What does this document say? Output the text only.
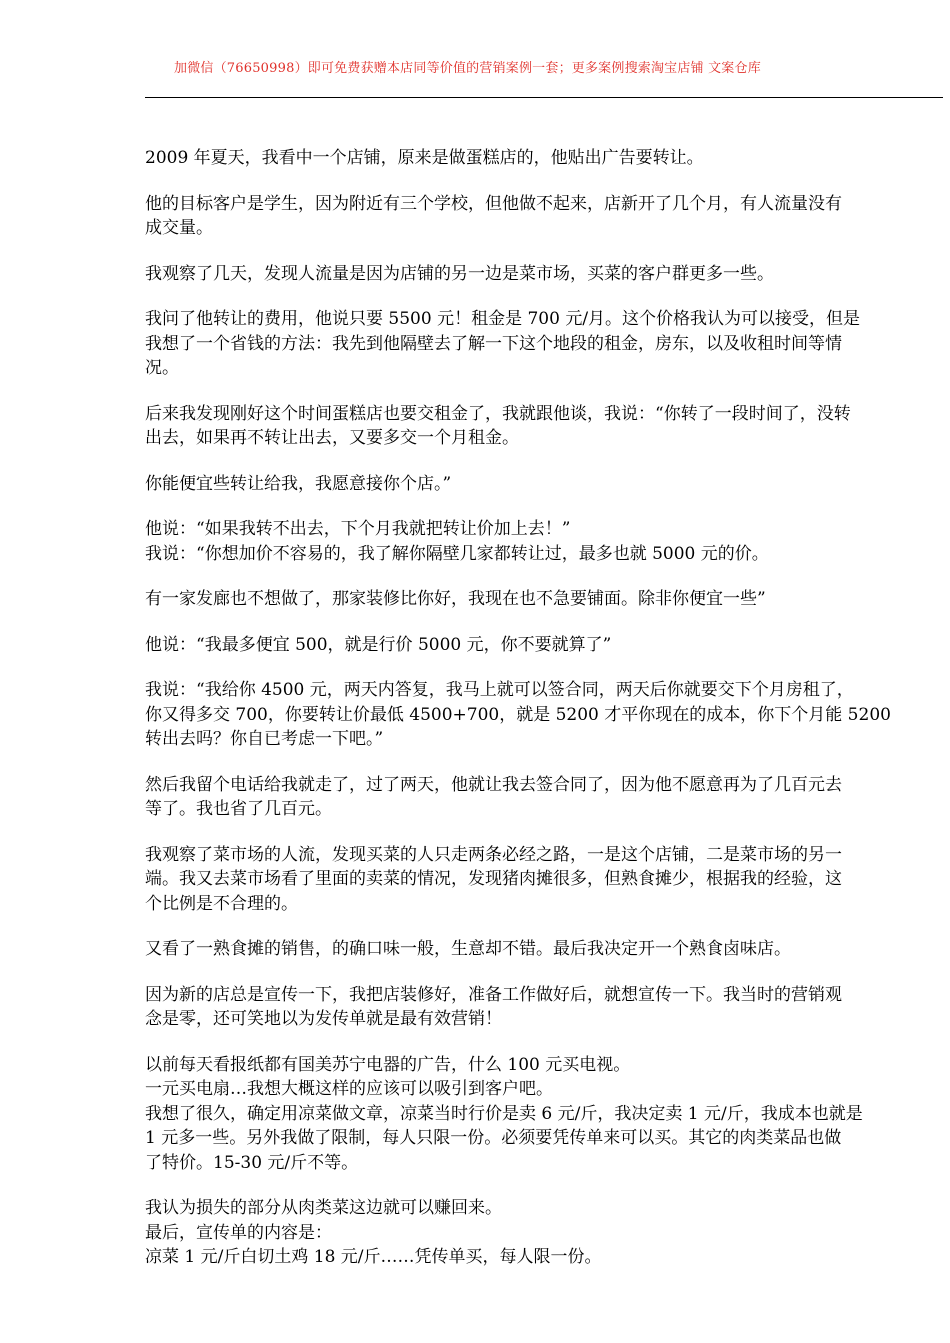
加微信（76650998）即可免费获赠本店同等价值的营销案例一套；更多案例搜索淘宝店铺 文案仓库
2009 年夏天，我看中一个店铺，原来是做蛋糕店的，他贴出广告要转让。
他的目标客户是学生，因为附近有三个学校，但他做不起来，店新开了几个月，有人流量没有
成交量。
我观察了几天，发现人流量是因为店铺的另一边是菜市场，买菜的客户群更多一些。
我问了他转让的费用，他说只要 5500 元！租金是 700 元/月。这个价格我认为可以接受，但是
我想了一个省钱的方法：我先到他隔壁去了解一下这个地段的租金，房东，以及收租时间等情
况。
后来我发现刚好这个时间蛋糕店也要交租金了，我就跟他谈，我说：“你转了一段时间了，没转
出去，如果再不转让出去，又要多交一个月租金。
你能便宜些转让给我，我愿意接你个店。”
他说：“如果我转不出去，下个月我就把转让价加上去！”
我说：“你想加价不容易的，我了解你隔壁几家都转让过，最多也就 5000 元的价。
有一家发廊也不想做了，那家装修比你好，我现在也不急要铺面。除非你便宜一些”
他说：“我最多便宜 500，就是行价 5000 元，你不要就算了”
我说：“我给你 4500 元，两天内答复，我马上就可以签合同，两天后你就要交下个月房租了，
你又得多交 700，你要转让价最低 4500+700，就是 5200 才平你现在的成本，你下个月能 5200
转出去吗？你自已考虑一下吧。”
然后我留个电话给我就走了，过了两天，他就让我去签合同了，因为他不愿意再为了几百元去
等了。我也省了几百元。
我观察了菜市场的人流，发现买菜的人只走两条必经之路，一是这个店铺，二是菜市场的另一
端。我又去菜市场看了里面的卖菜的情况，发现猪肉摊很多，但熟食摊少，根据我的经验，这
个比例是不合理的。
又看了一熟食摊的销售，的确口味一般，生意却不错。最后我决定开一个熟食卤味店。
因为新的店总是宣传一下，我把店装修好，准备工作做好后，就想宣传一下。我当时的营销观
念是零，还可笑地以为发传单就是最有效营销！
以前每天看报纸都有国美苏宁电器的广告，什么 100 元买电视。
一元买电扇…我想大概这样的应该可以吸引到客户吧。
我想了很久，确定用凉菜做文章，凉菜当时行价是卖 6 元/斤，我决定卖 1 元/斤，我成本也就是
1 元多一些。另外我做了限制，每人只限一份。必须要凭传单来可以买。其它的肉类菜品也做
了特价。15-30 元/斤不等。
我认为损失的部分从肉类菜这边就可以赚回来。
最后，宣传单的内容是：
凉菜 1 元/斤白切土鸡 18 元/斤……凭传单买，每人限一份。
